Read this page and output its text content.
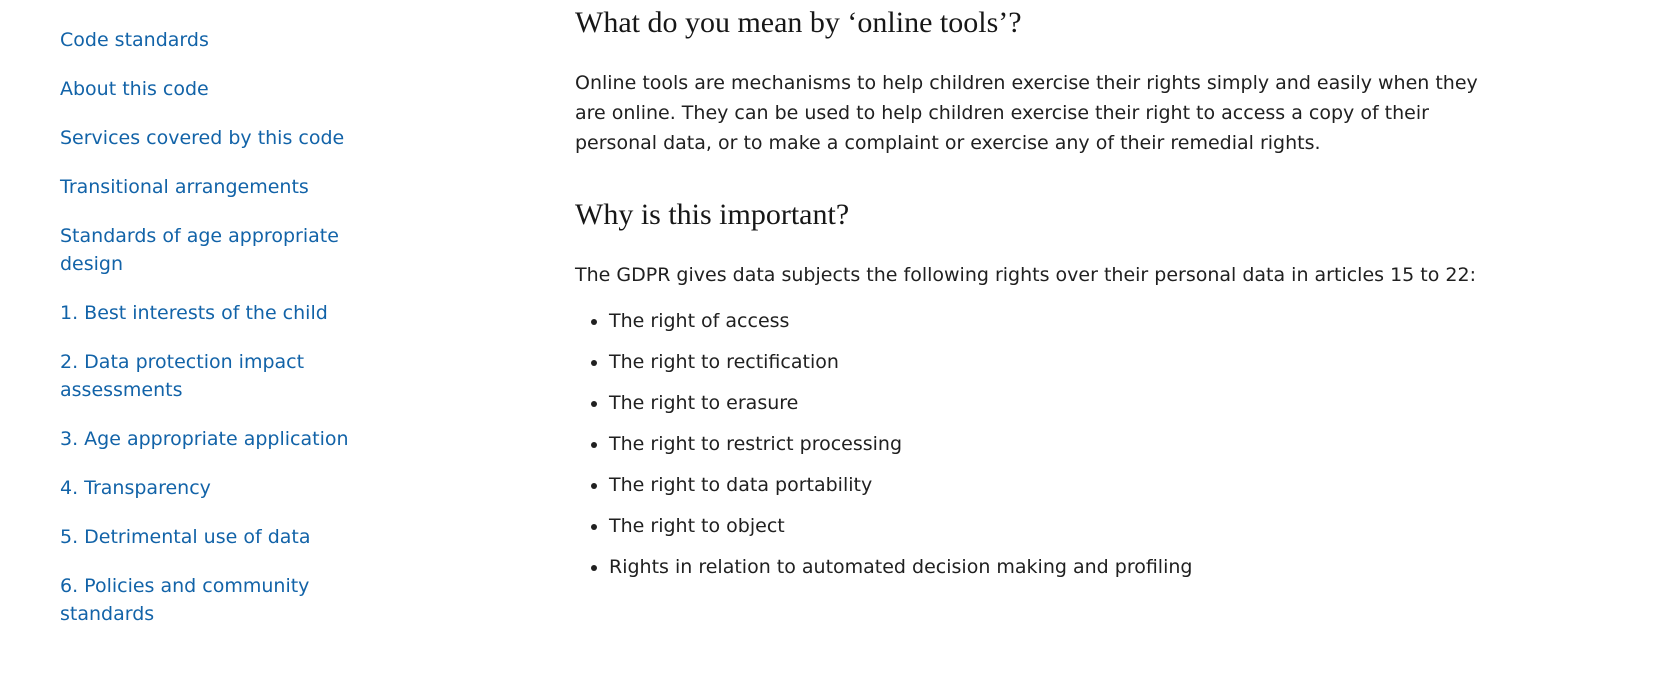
Code standards
About this code
Services covered by this code
Transitional arrangements
Standards of age appropriate design
1. Best interests of the child
2. Data protection impact assessments
3. Age appropriate application
4. Transparency
5. Detrimental use of data
6. Policies and community standards
What do you mean by ‘online tools’?

Online tools are mechanisms to help children exercise their rights simply and easily when they are online. They can be used to help children exercise their right to access a copy of their personal data, or to make a complaint or exercise any of their remedial rights.

Why is this important?

The GDPR gives data subjects the following rights over their personal data in articles 15 to 22:

• The right of access
• The right to rectification
• The right to erasure
• The right to restrict processing
• The right to data portability
• The right to object
• Rights in relation to automated decision making and profiling
